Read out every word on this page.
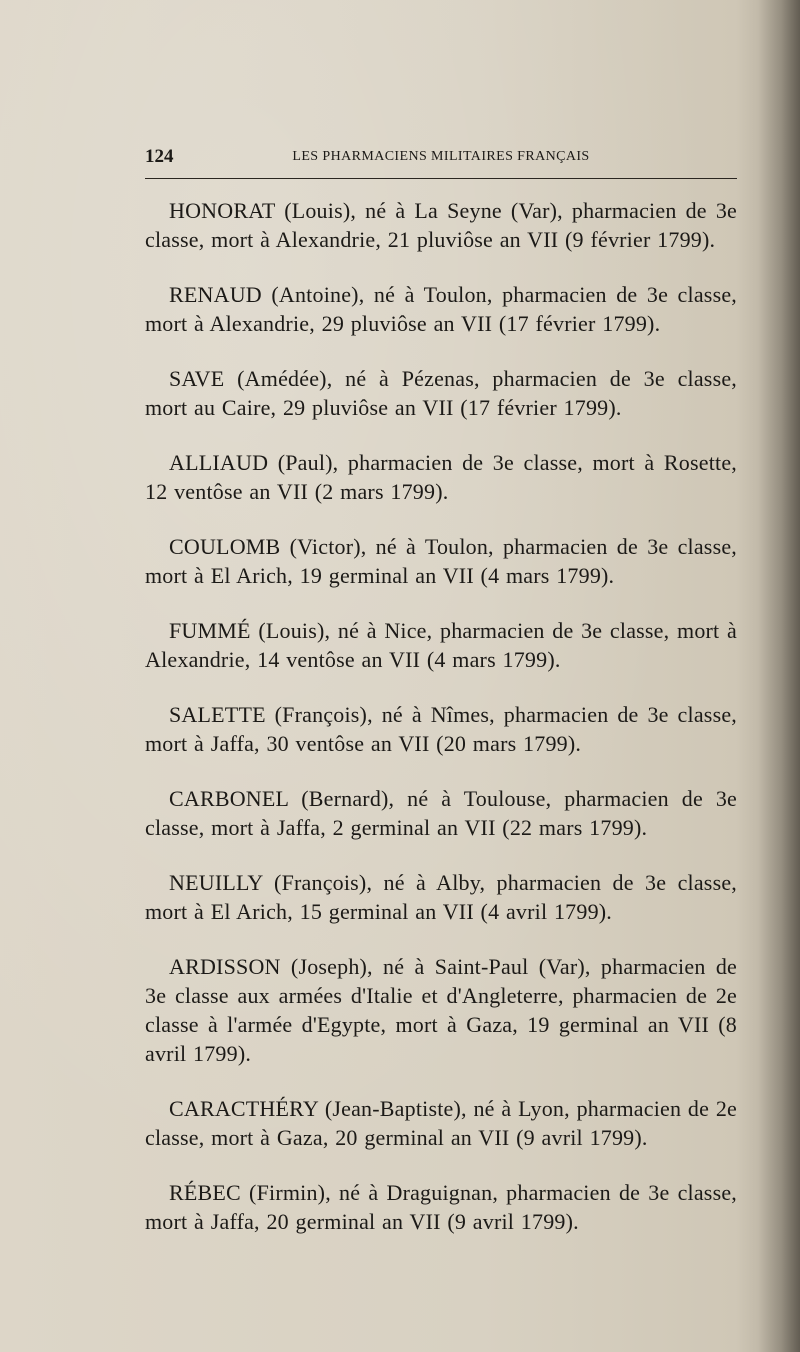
124	LES PHARMACIENS MILITAIRES FRANÇAIS

HONORAT (Louis), né à La Seyne (Var), pharmacien de 3e classe, mort à Alexandrie, 21 pluviôse an VII (9 février 1799).

RENAUD (Antoine), né à Toulon, pharmacien de 3e classe, mort à Alexandrie, 29 pluviôse an VII (17 février 1799).

SAVE (Amédée), né à Pézenas, pharmacien de 3e classe, mort au Caire, 29 pluviôse an VII (17 février 1799).

ALLIAUD (Paul), pharmacien de 3e classe, mort à Rosette, 12 ventôse an VII (2 mars 1799).

COULOMB (Victor), né à Toulon, pharmacien de 3e classe, mort à El Arich, 19 germinal an VII (4 mars 1799).

FUMMÉ (Louis), né à Nice, pharmacien de 3e classe, mort à Alexandrie, 14 ventôse an VII (4 mars 1799).

SALETTE (François), né à Nîmes, pharmacien de 3e classe, mort à Jaffa, 30 ventôse an VII (20 mars 1799).

CARBONEL (Bernard), né à Toulouse, pharmacien de 3e classe, mort à Jaffa, 2 germinal an VII (22 mars 1799).

NEUILLY (François), né à Alby, pharmacien de 3e classe, mort à El Arich, 15 germinal an VII (4 avril 1799).

ARDISSON (Joseph), né à Saint-Paul (Var), pharmacien de 3e classe aux armées d'Italie et d'Angleterre, pharmacien de 2e classe à l'armée d'Egypte, mort à Gaza, 19 germinal an VII (8 avril 1799).

CARACTHÉRY (Jean-Baptiste), né à Lyon, pharmacien de 2e classe, mort à Gaza, 20 germinal an VII (9 avril 1799).

RÉBEC (Firmin), né à Draguignan, pharmacien de 3e classe, mort à Jaffa, 20 germinal an VII (9 avril 1799).
